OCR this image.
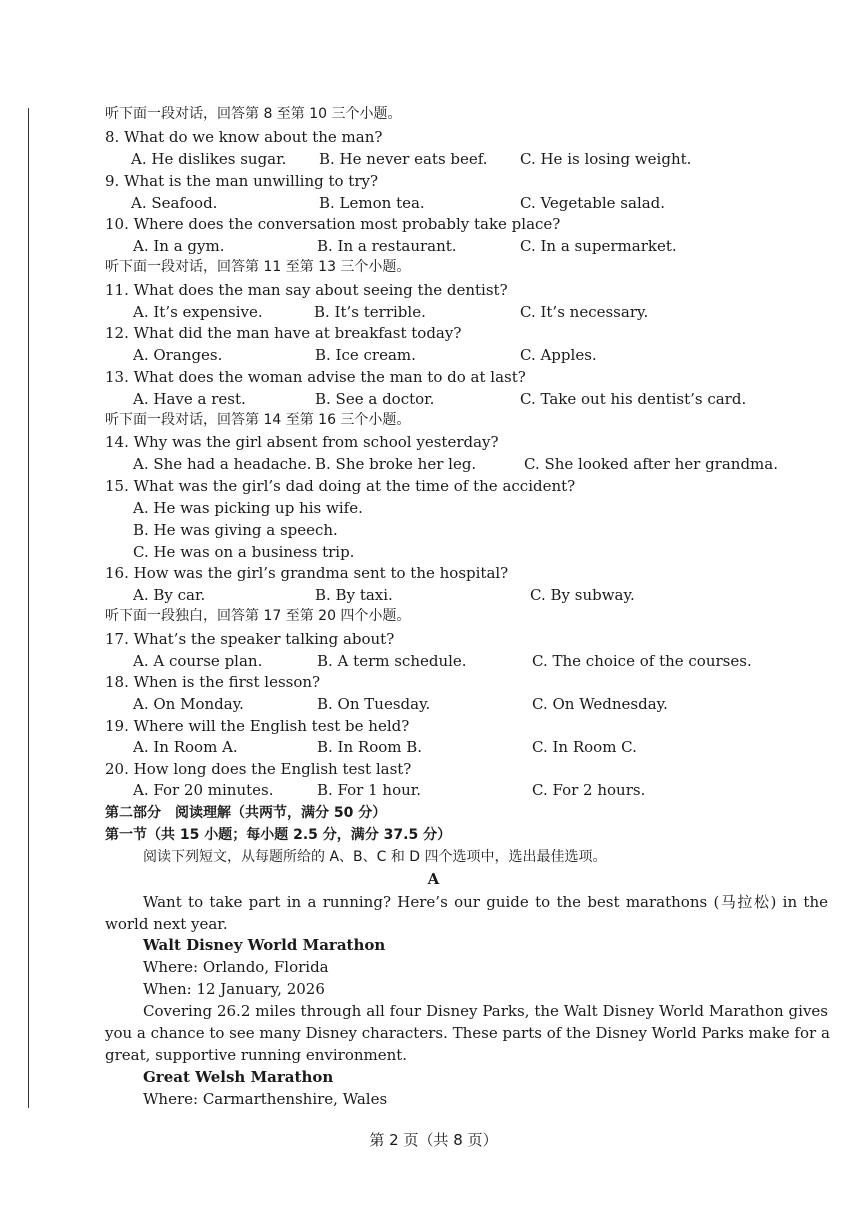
听下面一段对话，回答第 8 至第 10 三个小题。
8. What do we know about the man?
A. He dislikes sugar. B. He never eats beef. C. He is losing weight.
9. What is the man unwilling to try?
A. Seafood.	B. Lemon tea.	C. Vegetable salad.
10. Where does the conversation most probably take place?
A. In a gym.	B. In a restaurant.	C. In a supermarket.
听下面一段对话，回答第 11 至第 13 三个小题。
11. What does the man say about seeing the dentist?
A. It’s expensive.	B. It’s terrible.	C. It’s necessary.
12. What did the man have at breakfast today?
A. Oranges.	B. Ice cream.	C. Apples.
13. What does the woman advise the man to do at last?
A. Have a rest.	B. See a doctor.	C. Take out his dentist’s card.
听下面一段对话，回答第 14 至第 16 三个小题。
14. Why was the girl absent from school yesterday?
A. She had a headache. B. She broke her leg.	C. She looked after her grandma.
15. What was the girl’s dad doing at the time of the accident?
A. He was picking up his wife.
B. He was giving a speech.
C. He was on a business trip.
16. How was the girl’s grandma sent to the hospital?
A. By car.	B. By taxi.	C. By subway.
听下面一段独白，回答第 17 至第 20 四个小题。
17. What’s the speaker talking about?
A. A course plan.	B. A term schedule.	C. The choice of the courses.
18. When is the first lesson?
A. On Monday.	B. On Tuesday.	C. On Wednesday.
19. Where will the English test be held?
A. In Room A.	B. In Room B.	C. In Room C.
20. How long does the English test last?
A. For 20 minutes.	B. For 1 hour.	C. For 2 hours.
第二部分　阅读理解（共两节，满分 50 分）
第一节（共 15 小题；每小题 2.5 分，满分 37.5 分）
阅读下列短文，从每题所给的 A、B、C 和 D 四个选项中，选出最佳选项。
A
Want to take part in a running? Here’s our guide to the best marathons (马拉松) in the
world next year.
Walt Disney World Marathon
Where: Orlando, Florida
When: 12 January, 2026
Covering 26.2 miles through all four Disney Parks, the Walt Disney World Marathon gives
you a chance to see many Disney characters. These parts of the Disney World Parks make for a
great, supportive running environment.
Great Welsh Marathon
Where: Carmarthenshire, Wales
第 2 页（共 8 页）
